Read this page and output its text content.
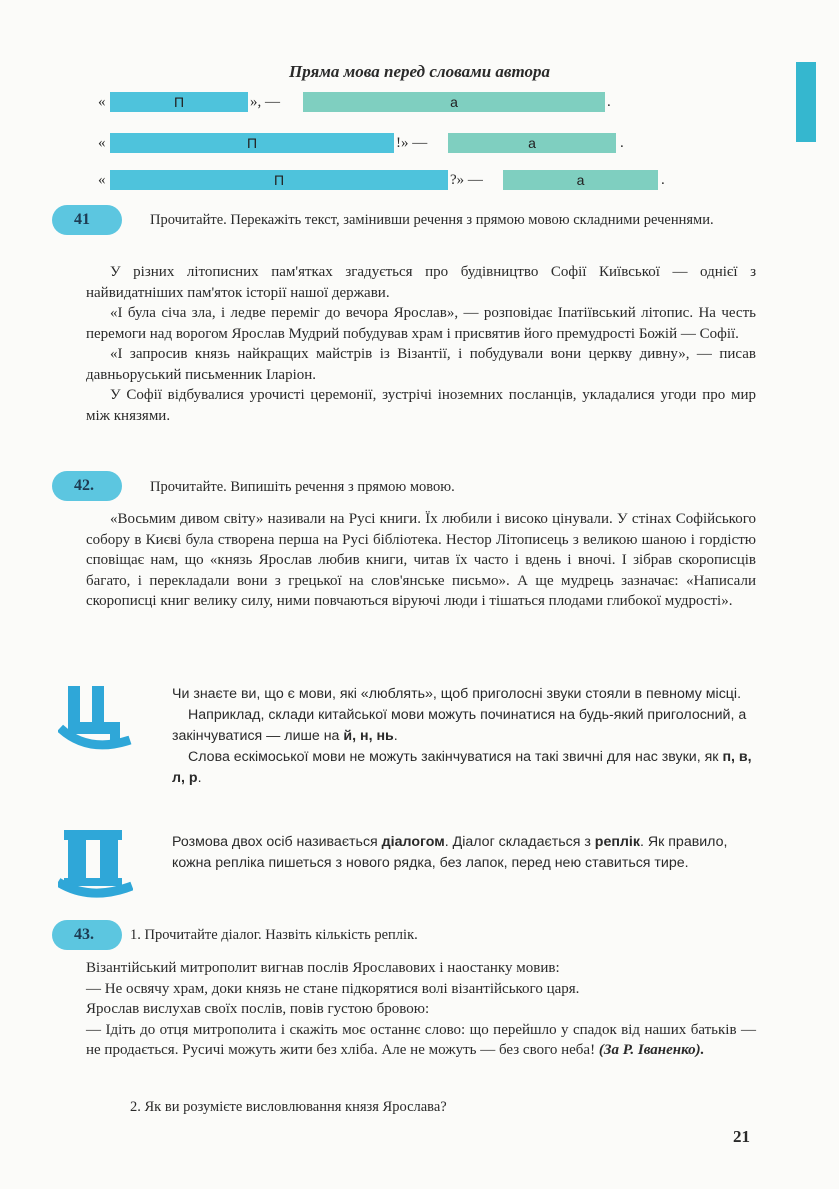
Пряма мова перед словами автора
«	П	», —	а	.
«	П	!» —	а	.
«	П	?» —	а	.
41	Прочитайте. Перекажіть текст, замінивши речення з прямою мовою складними реченнями.

У різних літописних пам'ятках згадується про будівництво Софії Київської — однієї з найвидатніших пам'яток історії нашої держави.

«І була січа зла, і ледве переміг до вечора Ярослав», — розповідає Іпатіївський літопис. На честь перемоги над ворогом Ярослав Мудрий побудував храм і присвятив його премудрості Божій — Софії.

«І запросив князь найкращих майстрів із Візантії, і побудували вони церкву дивну», — писав давньоруський письменник Іларіон.

У Софії відбувалися урочисті церемонії, зустрічі іноземних посланців, укладалися угоди про мир між князями.

42.	Прочитайте. Випишіть речення з прямою мовою.

«Восьмим дивом світу» називали на Русі книги. Їх любили і високо цінували. У стінах Софійського собору в Києві була створена перша на Русі бібліотека. Нестор Літописець з великою шаною і гордістю сповіщає нам, що «князь Ярослав любив книги, читав їх часто і вдень і вночі. І зібрав скорописців багато, і перекладали вони з грецької на слов'янське письмо». А ще мудрець зазначає: «Написали скорописці книг велику силу, ними повчаються віруючі люди і тішаться плодами глибокої мудрості».

Чи знаєте ви, що є мови, які «люблять», щоб приголосні звуки стояли в певному місці.

Наприклад, склади китайської мови можуть починатися на будь-який приголосний, а закінчуватися — лише на й, н, нь.

Слова ескімоської мови не можуть закінчуватися на такі звичні для нас звуки, як п, в, л, р.

Розмова двох осіб називається діалогом. Діалог складається з реплік. Як правило, кожна репліка пишеться з нового рядка, без лапок, перед нею ставиться тире.

43.	1. Прочитайте діалог. Назвіть кількість реплік.

Візантійський митрополит вигнав послів Ярославових і наостанку мовив:

— Не освячу храм, доки князь не стане підкорятися волі візантійського царя.

Ярослав вислухав своїх послів, повів густою бровою:

— Ідіть до отця митрополита і скажіть моє останнє слово: що перейшло у спадок від наших батьків — не продається. Русичі можуть жити без хліба. Але не можуть — без свого неба! (За Р. Іваненко).

2. Як ви розумієте висловлювання князя Ярослава?
21
